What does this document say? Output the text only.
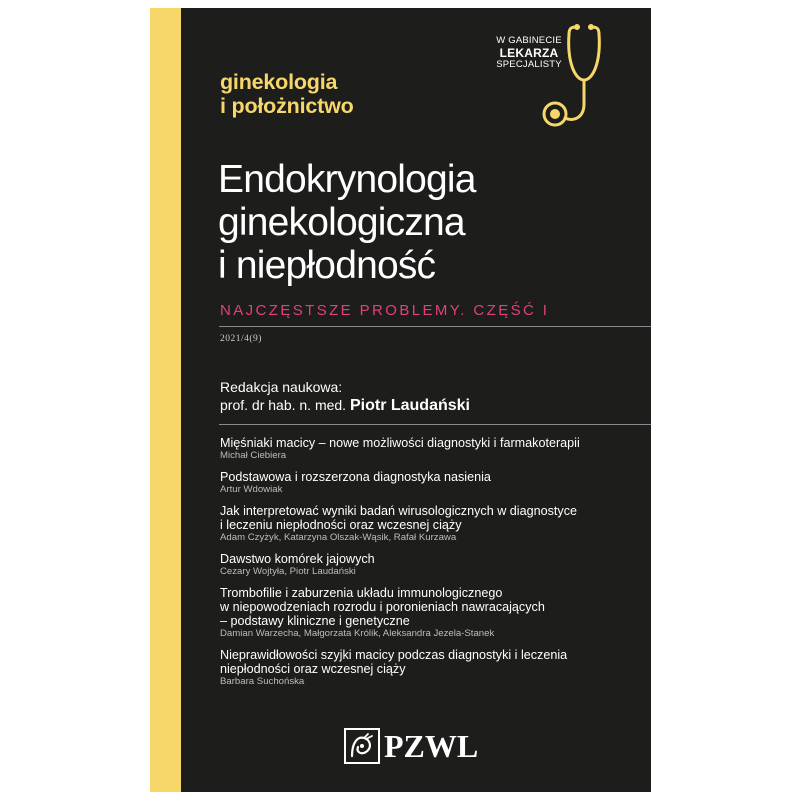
ginekologia
i położnictwo
W GABINECIE
LEKARZA
SPECJALISTY
Endokrynologia
ginekologiczna
i niepłodność
NAJCZĘSTSZE PROBLEMY. CZĘŚĆ I
2021/4(9)
Redakcja naukowa:
prof. dr hab. n. med. Piotr Laudański
Mięśniaki macicy – nowe możliwości diagnostyki i farmakoterapii
Michał Ciebiera
Podstawowa i rozszerzona diagnostyka nasienia
Artur Wdowiak
Jak interpretować wyniki badań wirusologicznych w diagnostyce
i leczeniu niepłodności oraz wczesnej ciąży
Adam Czyżyk, Katarzyna Olszak-Wąsik, Rafał Kurzawa
Dawstwo komórek jajowych
Cezary Wojtyła, Piotr Laudański
Trombofilie i zaburzenia układu immunologicznego
w niepowodzeniach rozrodu i poronieniach nawracających
– podstawy kliniczne i genetyczne
Damian Warzecha, Małgorzata Królik, Aleksandra Jezela-Stanek
Nieprawidłowości szyjki macicy podczas diagnostyki i leczenia
niepłodności oraz wczesnej ciąży
Barbara Suchońska
PZWL
